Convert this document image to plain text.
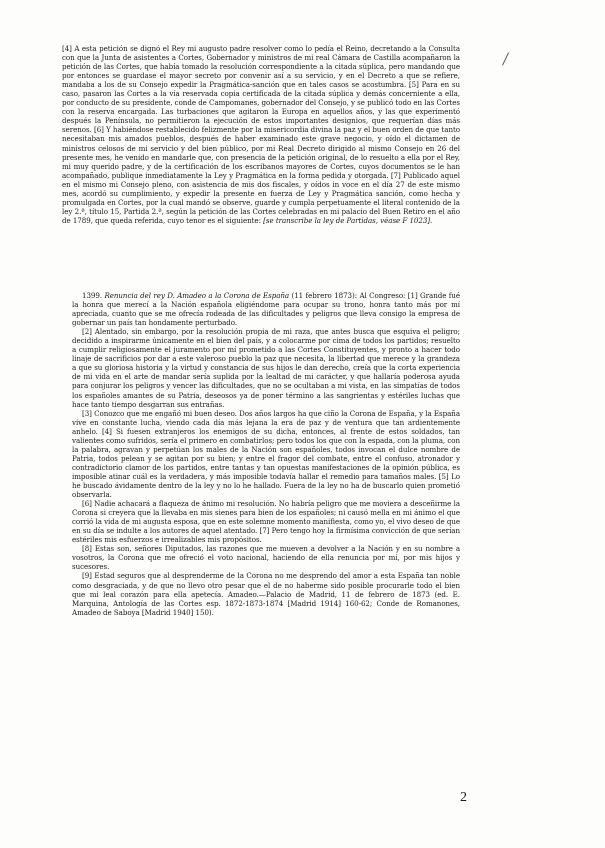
[4] A esta petición se dignó el Rey mi augusto padre resolver como lo pedía el Reino, decretando a la Consulta con que la Junta de asistentes a Cortes, Gobernador y ministros de mi real Cámara de Castilla acompañaron la petición de las Cortes, que había tomado la resolución correspondiente a la citada súplica, pero mandando que por entonces se guardase el mayor secreto por convenir así a su servicio, y en el Decreto a que se refiere, mandaba a los de su Consejo expedir la Pragmática-sanción que en tales casos se acostumbra. [5] Para en su caso, pasaron las Cortes a la vía reservada copia certificada de la citada súplica y demás concerniente a ella, por conducto de su presidente, conde de Campomanes, gobernador del Consejo, y se publicó todo en las Cortes con la reserva encargada. Las turbaciones que agitaron la Europa en aquellos años, y las que experimentó después la Península, no permitieron la ejecución de estos importantes designios, que requerían días más serenos. [6] Y habiéndose restablecido felizmente por la misericordia divina la paz y el buen orden de que tanto necesitaban mis amados pueblos, después de haber examinado este grave negocio, y oído el dictamen de ministros celosos de mi servicio y del bien público, por mi Real Decreto dirigido al mismo Consejo en 26 del presente mes, he venido en mandarle que, con presencia de la petición original, de lo resuelto a ella por el Rey, mi muy querido padre, y de la certificación de los escribanos mayores de Cortes, cuyos documentos se le han acompañado, publique inmediatamente la Ley y Pragmática en la forma pedida y otorgada. [7] Publicado aquel en el mismo mi Consejo pleno, con asistencia de mis dos fiscales, y oídos in voce en el día 27 de este mismo mes, acordó su cumplimiento, y expedir la presente en fuerza de Ley y Pragmática sanción, como hecha y promulgada en Cortes, por la cual mandó se observe, guarde y cumpla perpetuamente el literal contenido de la ley 2.ª, título 15, Partida 2.ª, según la petición de las Cortes celebradas en mi palacio del Buen Retiro en el año de 1789, que queda referida, cuyo tenor es el siguiente: [se transcribe la ley de Partidas, véase F 1023].

1399. Renuncia del rey D. Amadeo a la Corona de España (11 febrero 1873): Al Congreso: [1] Grande fué la honra que merecí a la Nación española eligiéndome para ocupar su trono, honra tanto más por mí apreciada, cuanto que se me ofrecía rodeada de las dificultades y peligros que lleva consigo la empresa de gobernar un país tan hondamente perturbado.

[2] Alentado, sin embargo, por la resolución propia de mi raza, que antes busca que esquiva el peligro; decidido a inspirarme únicamente en el bien del país, y a colocarme por cima de todos los partidos; resuelto a cumplir religiosamente el juramento por mí prometido a las Cortes Constituyentes, y pronto a hacer todo linaje de sacrificios por dar a este valeroso pueblo la paz que necesita, la libertad que merece y la grandeza a que su gloriosa historia y la virtud y constancia de sus hijos le dan derecho, creía que la corta experiencia de mi vida en el arte de mandar sería suplida por la lealtad de mi carácter, y que hallaría poderosa ayuda para conjurar los peligros y vencer las dificultades, que no se ocultaban a mi vista, en las simpatías de todos los españoles amantes de su Patria, deseosos ya de poner término a las sangrientas y estériles luchas que hace tanto tiempo desgarran sus entrañas.

[3] Conozco que me engañó mi buen deseo. Dos años largos ha que ciño la Corona de España, y la España vive en constante lucha, viendo cada día más lejana la era de paz y de ventura que tan ardientemente anhelo. [4] Si fuesen extranjeros los enemigos de su dicha, entonces, al frente de estos soldados, tan valientes como sufridos, sería el primero en combatirlos; pero todos los que con la espada, con la pluma, con la palabra, agravan y perpetúan los males de la Nación son españoles, todos invocan el dulce nombre de Patria, todos pelean y se agitan por su bien; y entre el fragor del combate, entre el confuso, atronador y contradictorio clamor de los partidos, entre tantas y tan opuestas manifestaciones de la opinión pública, es imposible atinar cuál es la verdadera, y más imposible todavía hallar el remedio para tamaños males. [5] Lo he buscado ávidamente dentro de la ley y no lo he hallado. Fuera de la ley no ha de buscarlo quien prometió observarla.

[6] Nadie achacará a flaqueza de ánimo mi resolución. No habría peligro que me moviera a desceñirme la Corona si creyera que la llevaba en mis sienes para bien de los españoles; ni causó mella en mi ánimo el que corrió la vida de mi augusta esposa, que en este solemne momento manifiesta, como yo, el vivo deseo de que en su día se indulte a los autores de aquel atentado. [7] Pero tengo hoy la firmísima convicción de que serían estériles mis esfuerzos e irrealizables mis propósitos.

[8] Estas son, señores Diputados, las razones que me mueven a devolver a la Nación y en su nombre a vosotros, la Corona que me ofreció el voto nacional, haciendo de ella renuncia por mí, por mis hijos y sucesores.

[9] Estad seguros que al desprenderme de la Corona no me desprendo del amor a esta España tan noble como desgraciada, y de que no llevo otro pesar que el de no haberme sido posible procurarle todo el bien que mi leal corazón para ella apetecía. Amadeo.—Palacio de Madrid, 11 de febrero de 1873 (ed. E. Marquina, Antología de las Cortes esp. 1872-1873-1874 [Madrid 1914] 160-62; Conde de Romanones, Amadeo de Saboya [Madrid 1940] 150).

2
